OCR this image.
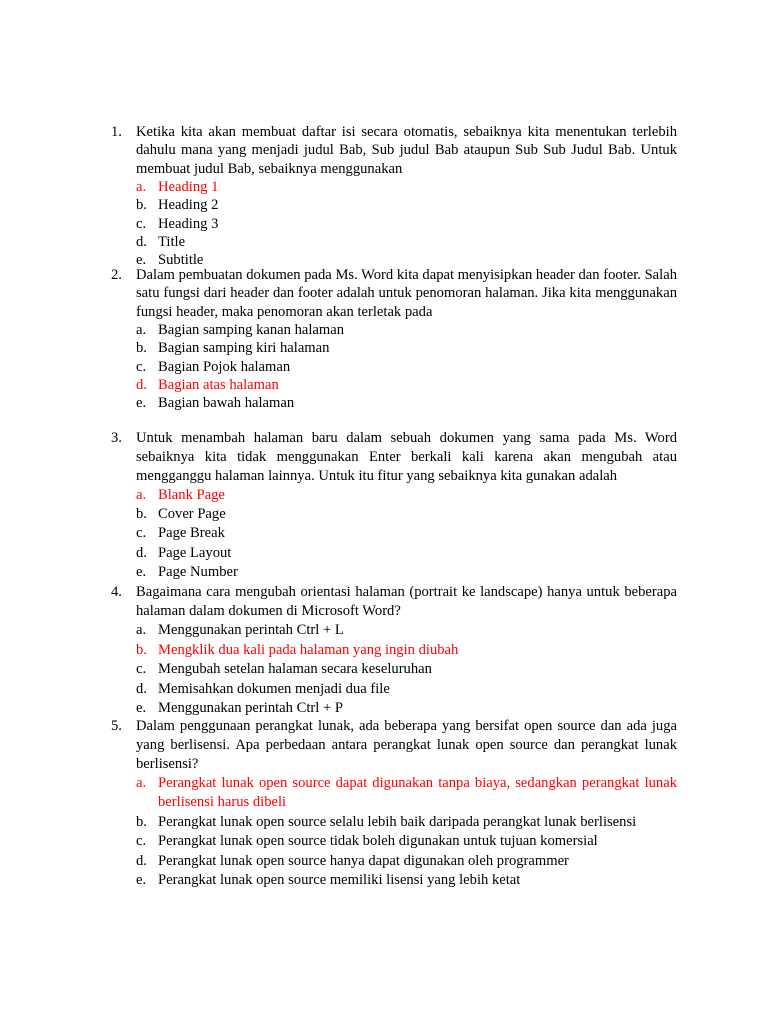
1. Ketika kita akan membuat daftar isi secara otomatis, sebaiknya kita menentukan terlebih dahulu mana yang menjadi judul Bab, Sub judul Bab ataupun Sub Sub Judul Bab. Untuk membuat judul Bab, sebaiknya menggunakan
a. Heading 1
b. Heading 2
c. Heading 3
d. Title
e. Subtitle
2. Dalam pembuatan dokumen pada Ms. Word kita dapat menyisipkan header dan footer. Salah satu fungsi dari header dan footer adalah untuk penomoran halaman. Jika kita menggunakan fungsi header, maka penomoran akan terletak pada
a. Bagian samping kanan halaman
b. Bagian samping kiri halaman
c. Bagian Pojok halaman
d. Bagian atas halaman
e. Bagian bawah halaman
3. Untuk menambah halaman baru dalam sebuah dokumen yang sama pada Ms. Word sebaiknya kita tidak menggunakan Enter berkali kali karena akan mengubah atau mengganggu halaman lainnya. Untuk itu fitur yang sebaiknya kita gunakan adalah
a. Blank Page
b. Cover Page
c. Page Break
d. Page Layout
e. Page Number
4. Bagaimana cara mengubah orientasi halaman (portrait ke landscape) hanya untuk beberapa halaman dalam dokumen di Microsoft Word?
a. Menggunakan perintah Ctrl + L
b. Mengklik dua kali pada halaman yang ingin diubah
c. Mengubah setelan halaman secara keseluruhan
d. Memisahkan dokumen menjadi dua file
e. Menggunakan perintah Ctrl + P
5. Dalam penggunaan perangkat lunak, ada beberapa yang bersifat open source dan ada juga yang berlisensi. Apa perbedaan antara perangkat lunak open source dan perangkat lunak berlisensi?
a. Perangkat lunak open source dapat digunakan tanpa biaya, sedangkan perangkat lunak berlisensi harus dibeli
b. Perangkat lunak open source selalu lebih baik daripada perangkat lunak berlisensi
c. Perangkat lunak open source tidak boleh digunakan untuk tujuan komersial
d. Perangkat lunak open source hanya dapat digunakan oleh programmer
e. Perangkat lunak open source memiliki lisensi yang lebih ketat
